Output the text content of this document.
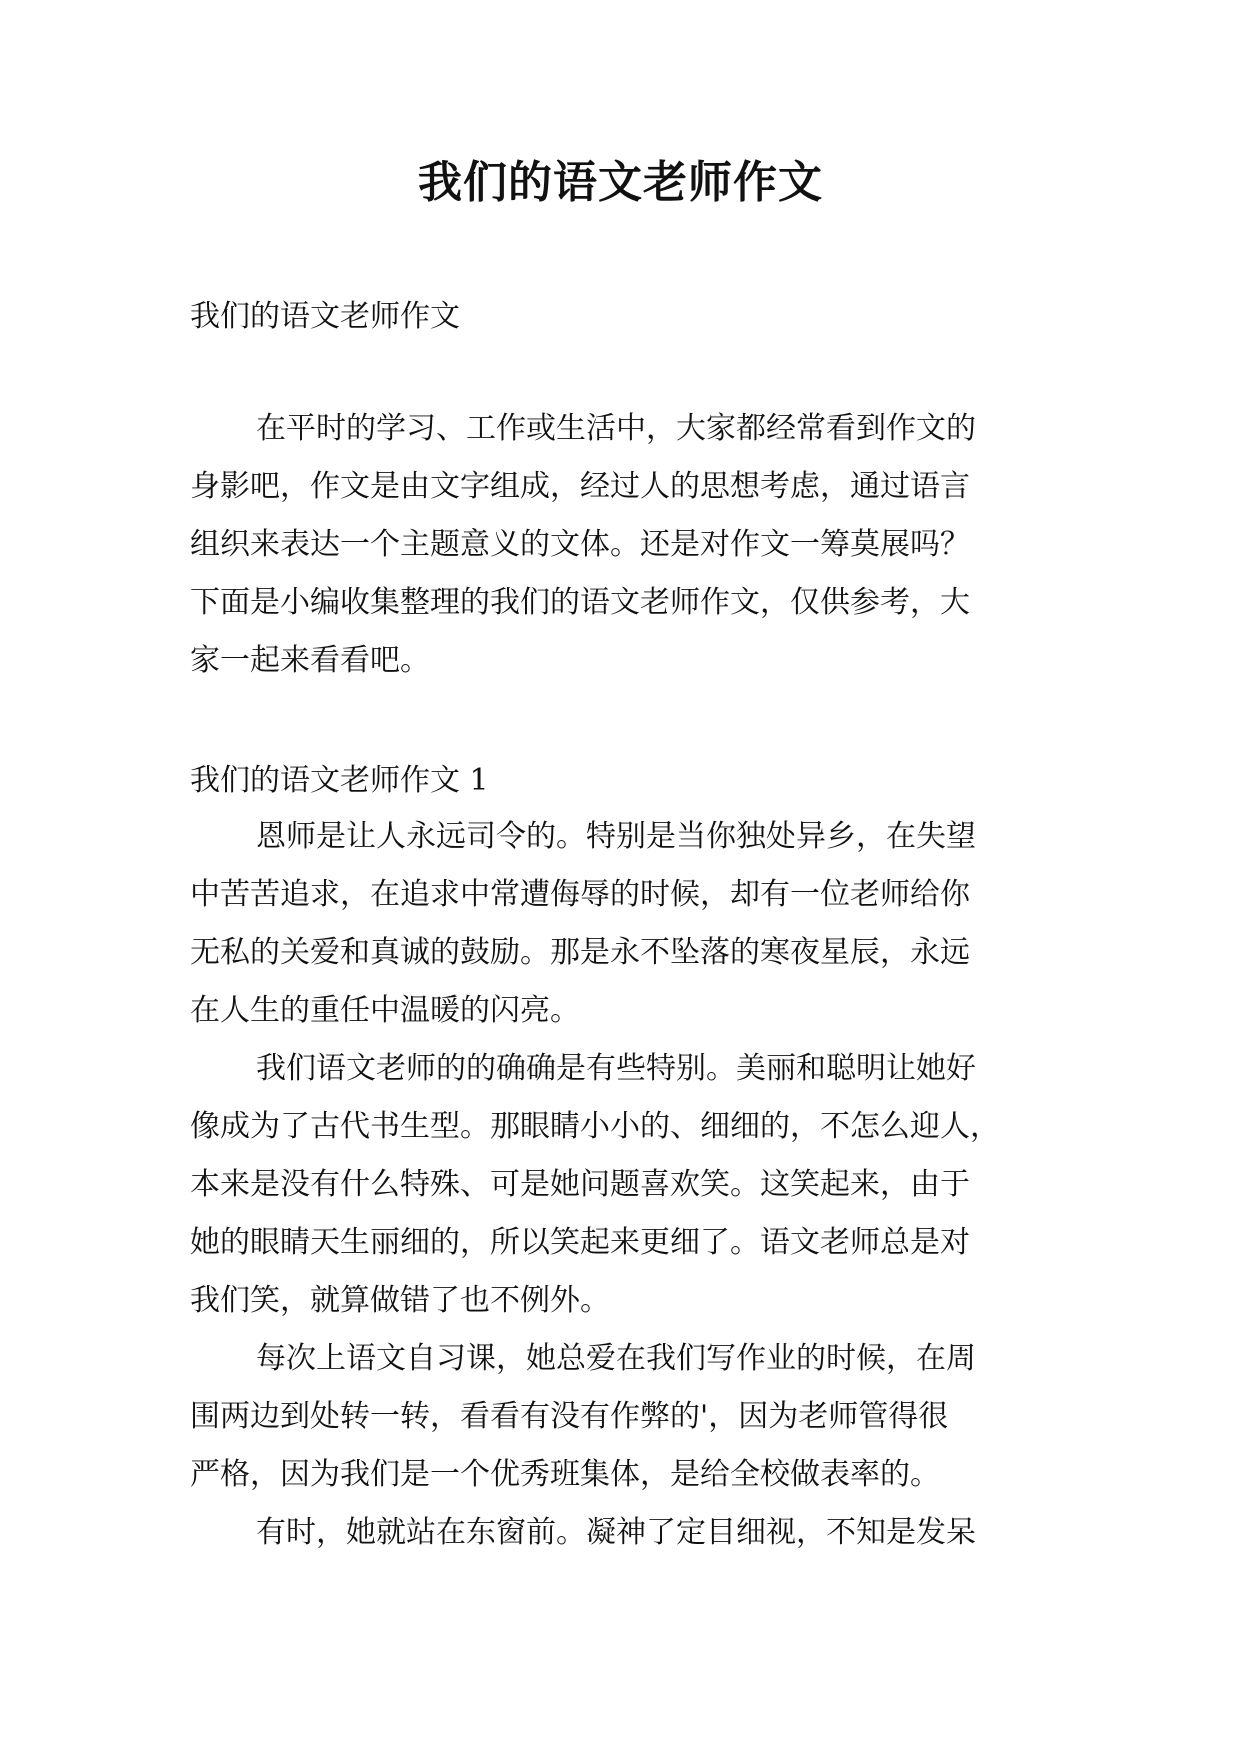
我们的语文老师作文

我们的语文老师作文

在平时的学习、工作或生活中，大家都经常看到作文的
身影吧，作文是由文字组成，经过人的思想考虑，通过语言
组织来表达一个主题意义的文体。还是对作文一筹莫展吗？
下面是小编收集整理的我们的语文老师作文，仅供参考，大
家一起来看看吧。

我们的语文老师作文 1

恩师是让人永远司令的。特别是当你独处异乡，在失望
中苦苦追求，在追求中常遭侮辱的时候，却有一位老师给你
无私的关爱和真诚的鼓励。那是永不坠落的寒夜星辰，永远
在人生的重任中温暖的闪亮。
我们语文老师的的确确是有些特别。美丽和聪明让她好
像成为了古代书生型。那眼睛小小的、细细的，不怎么迎人，
本来是没有什么特殊、可是她问题喜欢笑。这笑起来，由于
她的眼睛天生丽细的，所以笑起来更细了。语文老师总是对
我们笑，就算做错了也不例外。
每次上语文自习课，她总爱在我们写作业的时候，在周
围两边到处转一转，看看有没有作弊的'，因为老师管得很
严格，因为我们是一个优秀班集体，是给全校做表率的。
有时，她就站在东窗前。凝神了定目细视，不知是发呆
